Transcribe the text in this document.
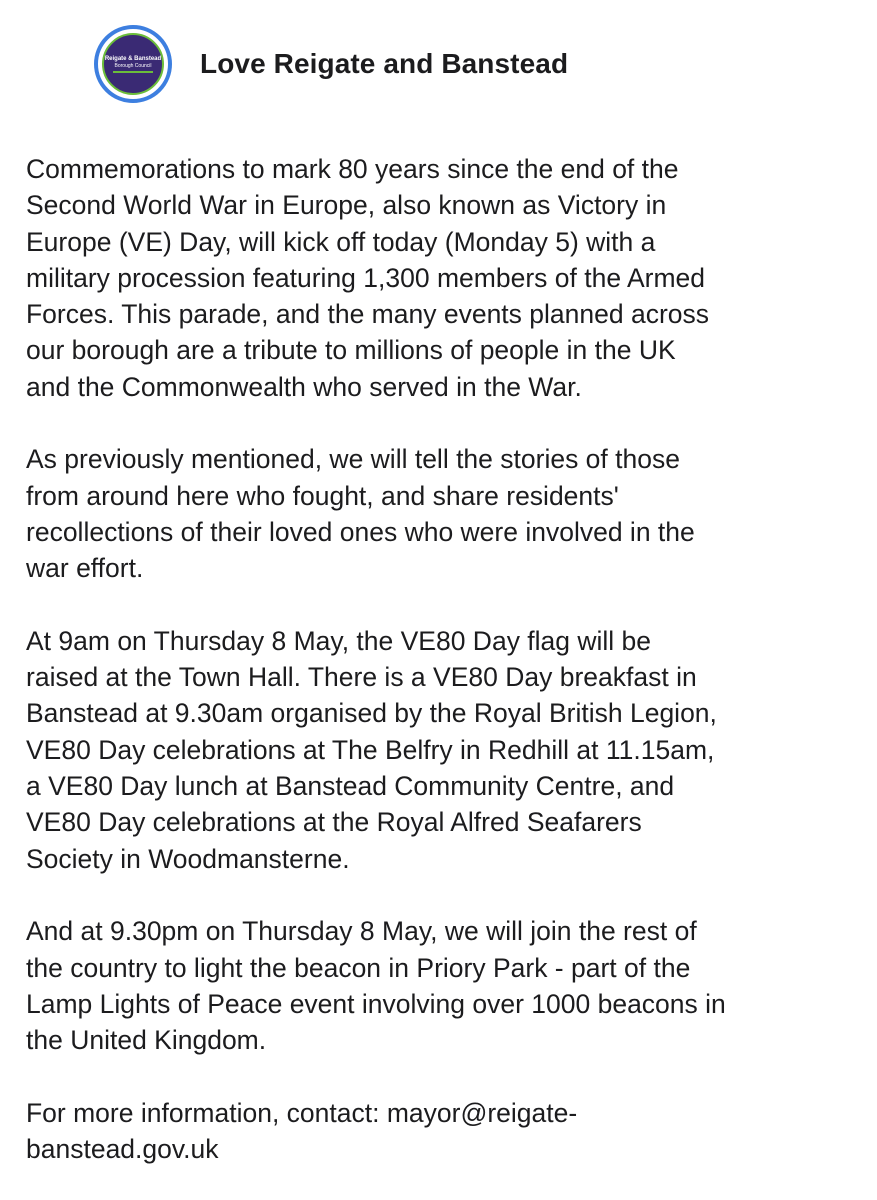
Reigate & Banstead
Borough Council Love Reigate and Banstead

Commemorations to mark 80 years since the end of the
Second World War in Europe, also known as Victory in
Europe (VE) Day, will kick off today (Monday 5) with a
military procession featuring 1,300 members of the Armed
Forces. This parade, and the many events planned across
our borough are a tribute to millions of people in the UK
and the Commonwealth who served in the War.

As previously mentioned, we will tell the stories of those
from around here who fought, and share residents'
recollections of their loved ones who were involved in the
war effort.

At 9am on Thursday 8 May, the VE80 Day flag will be
raised at the Town Hall. There is a VE80 Day breakfast in
Banstead at 9.30am organised by the Royal British Legion,
VE80 Day celebrations at The Belfry in Redhill at 11.15am,
a VE80 Day lunch at Banstead Community Centre, and
VE80 Day celebrations at the Royal Alfred Seafarers
Society in Woodmansterne.

And at 9.30pm on Thursday 8 May, we will join the rest of
the country to light the beacon in Priory Park - part of the
Lamp Lights of Peace event involving over 1000 beacons in
the United Kingdom.

For more information, contact: mayor@reigate-
banstead.gov.uk
